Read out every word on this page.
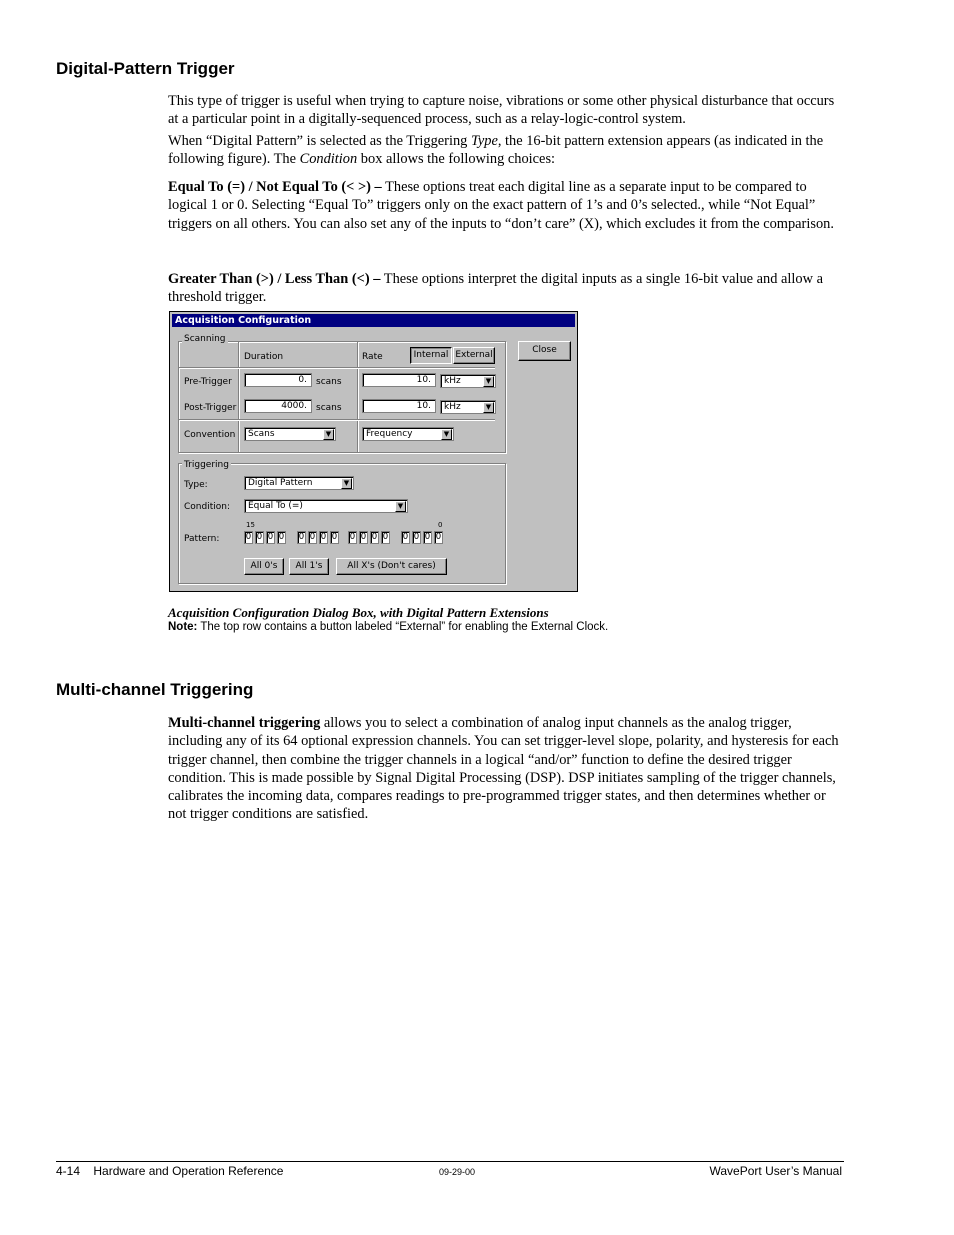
Digital-Pattern Trigger

This type of trigger is useful when trying to capture noise, vibrations or some other physical disturbance that occurs at a particular point in a digitally-sequenced process, such as a relay-logic-control system.

When “Digital Pattern” is selected as the Triggering Type, the 16-bit pattern extension appears (as indicated in the following figure). The Condition box allows the following choices:

Equal To (=) / Not Equal To (< >) – These options treat each digital line as a separate input to be compared to logical 1 or 0. Selecting “Equal To” triggers only on the exact pattern of 1’s and 0’s selected., while “Not Equal” triggers on all others. You can also set any of the inputs to “don’t care” (X), which excludes it from the comparison.

Greater Than (>) / Less Than (<) – These options interpret the digital inputs as a single 16-bit value and allow a threshold trigger.

Acquisition Configuration
Scanning
Duration	Rate	Internal External
Pre-Trigger	0.	scans	10.	kHz	▼
Post-Trigger	4000.	scans	10.	kHz	▼
Convention	Scans	▼	Frequency	▼
Close
Triggering
Type:	Digital Pattern	▼
Condition:	Equal To (=)	▼
15	0
Pattern:	0 0 0 0 0 0 0 0 0 0 0 0 0 0 0 0
All 0's	All 1's	All X's (Don't cares)
Acquisition Configuration Dialog Box, with Digital Pattern Extensions
Note: The top row contains a button labeled “External” for enabling the External Clock.
Multi-channel Triggering

Multi-channel triggering allows you to select a combination of analog input channels as the analog trigger, including any of its 64 optional expression channels. You can set trigger-level slope, polarity, and hysteresis for each trigger channel, then combine the trigger channels in a logical “and/or” function to define the desired trigger condition. This is made possible by Signal Digital Processing (DSP). DSP initiates sampling of the trigger channels, calibrates the incoming data, compares readings to pre-programmed trigger states, and then determines whether or not trigger conditions are satisfied.

4-14    Hardware and Operation Reference	09-29-00	WavePort User’s Manual
